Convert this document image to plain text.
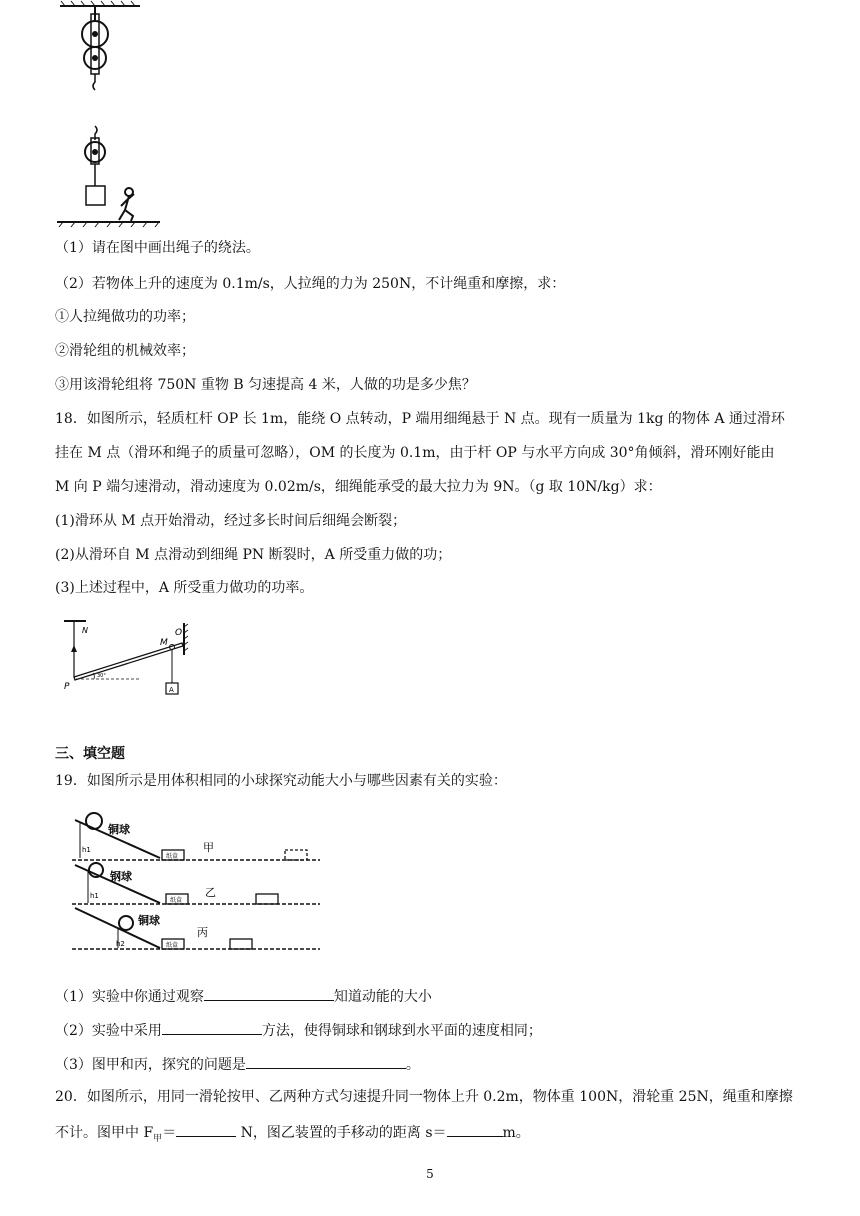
（1）请在图中画出绳子的绕法。
（2）若物体上升的速度为 0.1m/s，人拉绳的力为 250N，不计绳重和摩擦，求：
①人拉绳做功的功率；
②滑轮组的机械效率；
③用该滑轮组将 750N 重物 B 匀速提高 4 米，人做的功是多少焦？
18．如图所示，轻质杠杆 OP 长 1m，能绕 O 点转动，P 端用细绳悬于 N 点。现有一质量为 1kg 的物体 A 通过滑环
挂在 M 点（滑环和绳子的质量可忽略），OM 的长度为 0.1m，由于杆 OP 与水平方向成 30°角倾斜，滑环刚好能由
M 向 P 端匀速滑动，滑动速度为 0.02m/s，细绳能承受的最大拉力为 9N。（g 取 10N/kg）求：
(1)滑环从 M 点开始滑动，经过多长时间后细绳会断裂；
(2)从滑环自 M 点滑动到细绳 PN 断裂时，A 所受重力做的功；
(3)上述过程中，A 所受重力做功的功率。
N
A
M
O
P
30°
三、填空题
19．如图所示是用体积相同的小球探究动能大小与哪些因素有关的实验：
h1
铜球
甲
纸盒
h1
钢球
乙
纸盒
h2
铜球
丙
纸盒
（1）实验中你通过观察	知道动能的大小
（2）实验中采用	方法，使得铜球和钢球到水平面的速度相同；
（3）图甲和丙，探究的问题是	。
20．如图所示，用同一滑轮按甲、乙两种方式匀速提升同一物体上升 0.2m，物体重 100N，滑轮重 25N，绳重和摩擦
不计。图甲中 $F_甲=$	N，图乙装置的手移动的距离 s＝	m。
5
